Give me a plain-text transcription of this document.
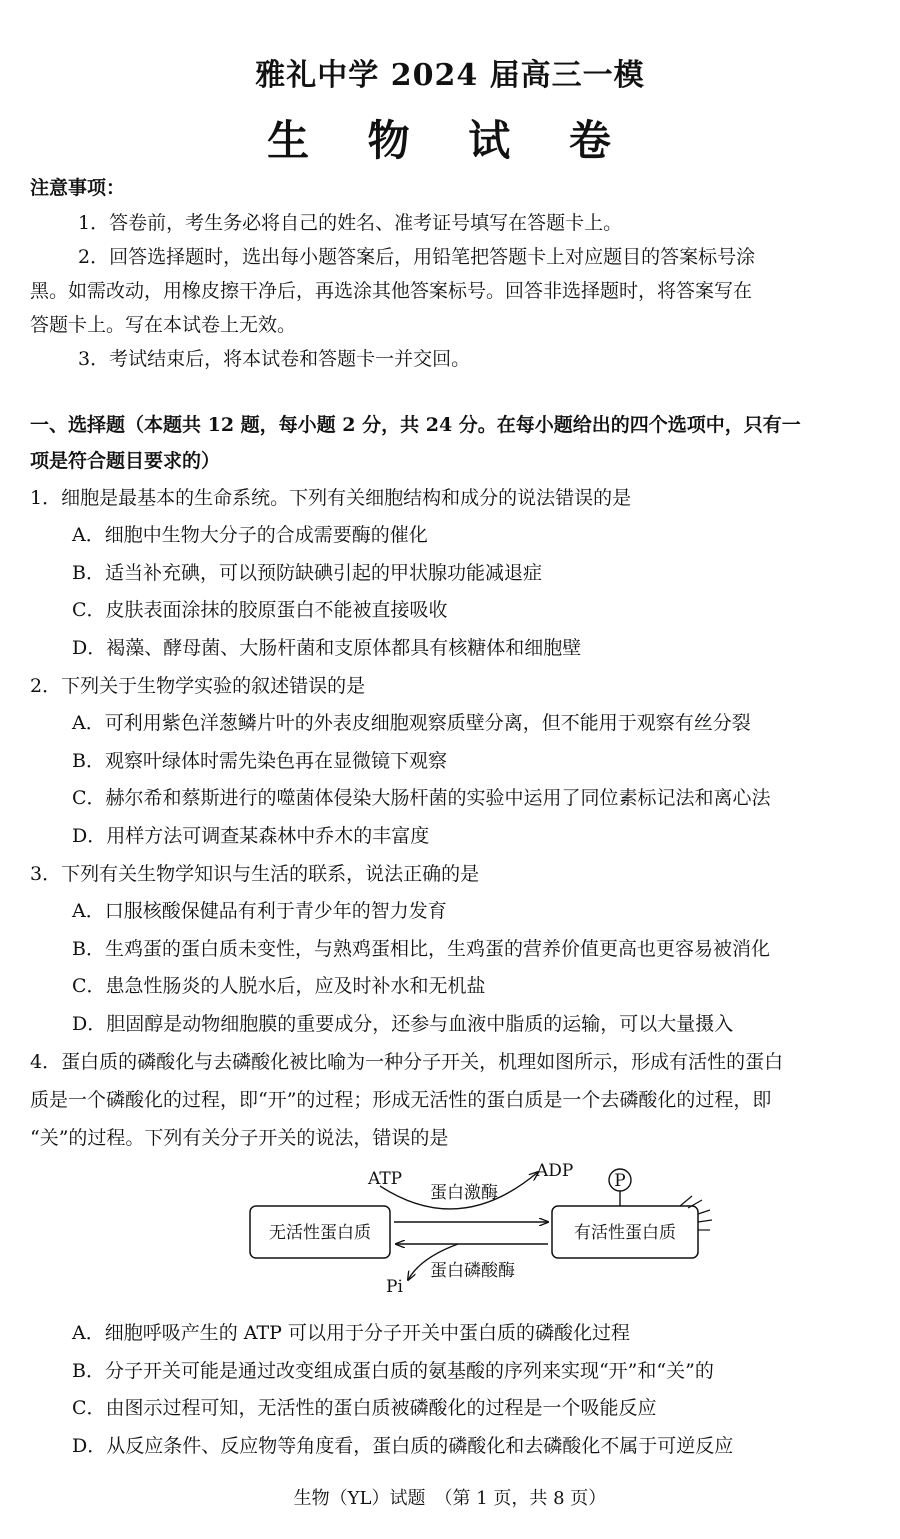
雅礼中学 2024 届高三一模
生 物 试 卷
注意事项：
1．答卷前，考生务必将自己的姓名、准考证号填写在答题卡上。
2．回答选择题时，选出每小题答案后，用铅笔把答题卡上对应题目的答案标号涂
黑。如需改动，用橡皮擦干净后，再选涂其他答案标号。回答非选择题时，将答案写在
答题卡上。写在本试卷上无效。
3．考试结束后，将本试卷和答题卡一并交回。
一、选择题（本题共 12 题，每小题 2 分，共 24 分。在每小题给出的四个选项中，只有一
项是符合题目要求的）
1．细胞是最基本的生命系统。下列有关细胞结构和成分的说法错误的是
A．细胞中生物大分子的合成需要酶的催化
B．适当补充碘，可以预防缺碘引起的甲状腺功能减退症
C．皮肤表面涂抹的胶原蛋白不能被直接吸收
D．褐藻、酵母菌、大肠杆菌和支原体都具有核糖体和细胞壁
2．下列关于生物学实验的叙述错误的是
A．可利用紫色洋葱鳞片叶的外表皮细胞观察质壁分离，但不能用于观察有丝分裂
B．观察叶绿体时需先染色再在显微镜下观察
C．赫尔希和蔡斯进行的噬菌体侵染大肠杆菌的实验中运用了同位素标记法和离心法
D．用样方法可调查某森林中乔木的丰富度
3．下列有关生物学知识与生活的联系，说法正确的是
A．口服核酸保健品有利于青少年的智力发育
B．生鸡蛋的蛋白质未变性，与熟鸡蛋相比，生鸡蛋的营养价值更高也更容易被消化
C．患急性肠炎的人脱水后，应及时补水和无机盐
D．胆固醇是动物细胞膜的重要成分，还参与血液中脂质的运输，可以大量摄入
4．蛋白质的磷酸化与去磷酸化被比喻为一种分子开关，机理如图所示，形成有活性的蛋白
质是一个磷酸化的过程，即“开”的过程；形成无活性的蛋白质是一个去磷酸化的过程，即
“关”的过程。下列有关分子开关的说法，错误的是
无活性蛋白质	有活性蛋白质
ATP	ADP
蛋白激酶
蛋白磷酸酶
Pi
P
A．细胞呼吸产生的 ATP 可以用于分子开关中蛋白质的磷酸化过程
B．分子开关可能是通过改变组成蛋白质的氨基酸的序列来实现“开”和“关”的
C．由图示过程可知，无活性的蛋白质被磷酸化的过程是一个吸能反应
D．从反应条件、反应物等角度看，蛋白质的磷酸化和去磷酸化不属于可逆反应
生物（YL）试题　（第 1 页，共 8 页）
